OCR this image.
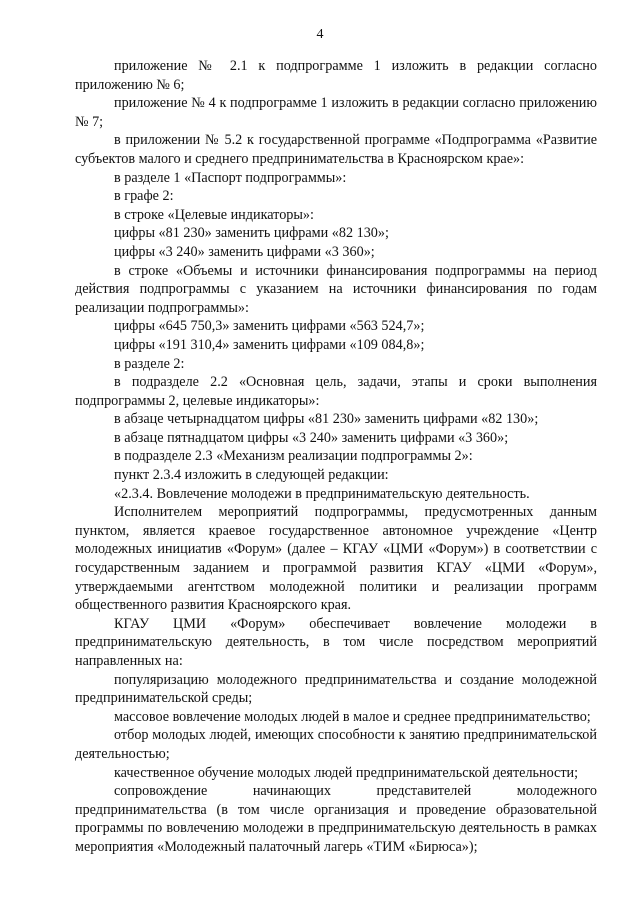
4

приложение № 2.1 к подпрограмме 1 изложить в редакции согласно приложению № 6;

приложение № 4 к подпрограмме 1 изложить в редакции согласно приложению № 7;

в приложении № 5.2 к государственной программе «Подпрограмма «Развитие субъектов малого и среднего предпринимательства в Красноярском крае»:

в разделе 1 «Паспорт подпрограммы»:

в графе 2:

в строке «Целевые индикаторы»:

цифры «81 230» заменить цифрами «82 130»;

цифры «3 240» заменить цифрами «3 360»;

в строке «Объемы и источники финансирования подпрограммы на период действия подпрограммы с указанием на источники финансирования по годам реализации подпрограммы»:

цифры «645 750,3» заменить цифрами «563 524,7»;

цифры «191 310,4» заменить цифрами «109 084,8»;

в разделе 2:

в подразделе 2.2 «Основная цель, задачи, этапы и сроки выполнения подпрограммы 2, целевые индикаторы»:

в абзаце четырнадцатом цифры «81 230» заменить цифрами «82 130»;

в абзаце пятнадцатом цифры «3 240» заменить цифрами «3 360»;

в подразделе 2.3 «Механизм реализации подпрограммы 2»:

пункт 2.3.4 изложить в следующей редакции:

«2.3.4. Вовлечение молодежи в предпринимательскую деятельность.

Исполнителем мероприятий подпрограммы, предусмотренных данным пунктом, является краевое государственное автономное учреждение «Центр молодежных инициатив «Форум» (далее – КГАУ «ЦМИ «Форум») в соответствии с государственным заданием и программой развития КГАУ «ЦМИ «Форум», утверждаемыми агентством молодежной политики и реализации программ общественного развития Красноярского края.

КГАУ ЦМИ «Форум» обеспечивает вовлечение молодежи в предпринимательскую деятельность, в том числе посредством мероприятий направленных на:

популяризацию молодежного предпринимательства и создание молодежной предпринимательской среды;

массовое вовлечение молодых людей в малое и среднее предпринимательство;

отбор молодых людей, имеющих способности к занятию предпринимательской деятельностью;

качественное обучение молодых людей предпринимательской деятельности;

сопровождение начинающих представителей молодежного предпринимательства (в том числе организация и проведение образовательной программы по вовлечению молодежи в предпринимательскую деятельность в рамках мероприятия «Молодежный палаточный лагерь «ТИМ «Бирюса»);
